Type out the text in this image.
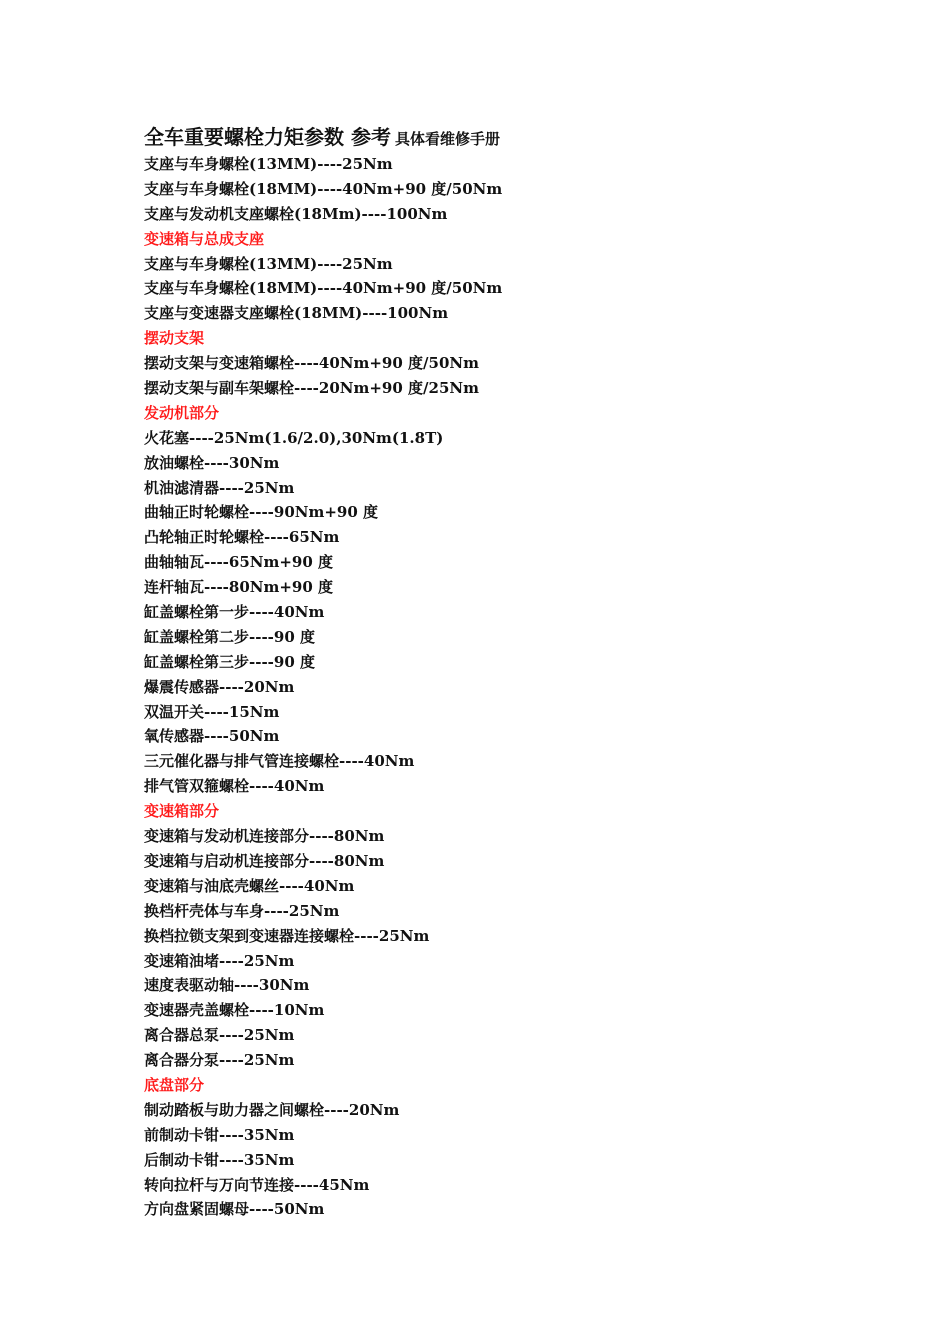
全车重要螺栓力矩参数 参考 具体看维修手册
支座与车身螺栓(13MM)----25Nm
支座与车身螺栓(18MM)----40Nm+90 度/50Nm
支座与发动机支座螺栓(18Mm)----100Nm
变速箱与总成支座
支座与车身螺栓(13MM)----25Nm
支座与车身螺栓(18MM)----40Nm+90 度/50Nm
支座与变速器支座螺栓(18MM)----100Nm
摆动支架
摆动支架与变速箱螺栓----40Nm+90 度/50Nm
摆动支架与副车架螺栓----20Nm+90 度/25Nm
发动机部分
火花塞----25Nm(1.6/2.0),30Nm(1.8T)
放油螺栓----30Nm
机油滤清器----25Nm
曲轴正时轮螺栓----90Nm+90 度
凸轮轴正时轮螺栓----65Nm
曲轴轴瓦----65Nm+90 度
连杆轴瓦----80Nm+90 度
缸盖螺栓第一步----40Nm
缸盖螺栓第二步----90 度
缸盖螺栓第三步----90 度
爆震传感器----20Nm
双温开关----15Nm
氧传感器----50Nm
三元催化器与排气管连接螺栓----40Nm
排气管双箍螺栓----40Nm
变速箱部分
变速箱与发动机连接部分----80Nm
变速箱与启动机连接部分----80Nm
变速箱与油底壳螺丝----40Nm
换档杆壳体与车身----25Nm
换档拉锁支架到变速器连接螺栓----25Nm
变速箱油堵----25Nm
速度表驱动轴----30Nm
变速器壳盖螺栓----10Nm
离合器总泵----25Nm
离合器分泵----25Nm
底盘部分
制动踏板与助力器之间螺栓----20Nm
前制动卡钳----35Nm
后制动卡钳----35Nm
转向拉杆与万向节连接----45Nm
方向盘紧固螺母----50Nm
